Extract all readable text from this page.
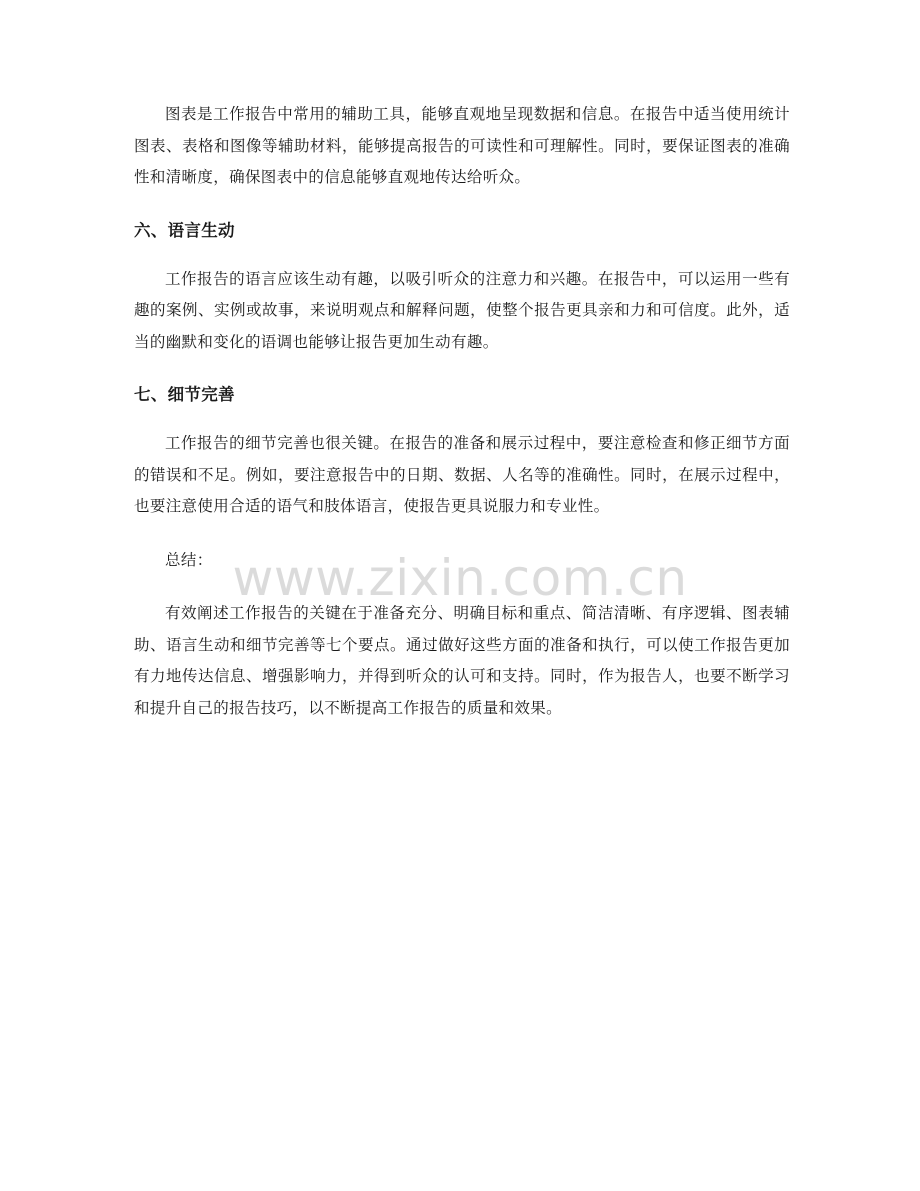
图表是工作报告中常用的辅助工具，能够直观地呈现数据和信息。在报告中适当使用统计图表、表格和图像等辅助材料，能够提高报告的可读性和可理解性。同时，要保证图表的准确性和清晰度，确保图表中的信息能够直观地传达给听众。

六、语言生动

工作报告的语言应该生动有趣，以吸引听众的注意力和兴趣。在报告中，可以运用一些有趣的案例、实例或故事，来说明观点和解释问题，使整个报告更具亲和力和可信度。此外，适当的幽默和变化的语调也能够让报告更加生动有趣。

七、细节完善

工作报告的细节完善也很关键。在报告的准备和展示过程中，要注意检查和修正细节方面的错误和不足。例如，要注意报告中的日期、数据、人名等的准确性。同时，在展示过程中，也要注意使用合适的语气和肢体语言，使报告更具说服力和专业性。

总结：

有效阐述工作报告的关键在于准备充分、明确目标和重点、简洁清晰、有序逻辑、图表辅助、语言生动和细节完善等七个要点。通过做好这些方面的准备和执行，可以使工作报告更加有力地传达信息、增强影响力，并得到听众的认可和支持。同时，作为报告人，也要不断学习和提升自己的报告技巧，以不断提高工作报告的质量和效果。

www.zixin.com.cn
